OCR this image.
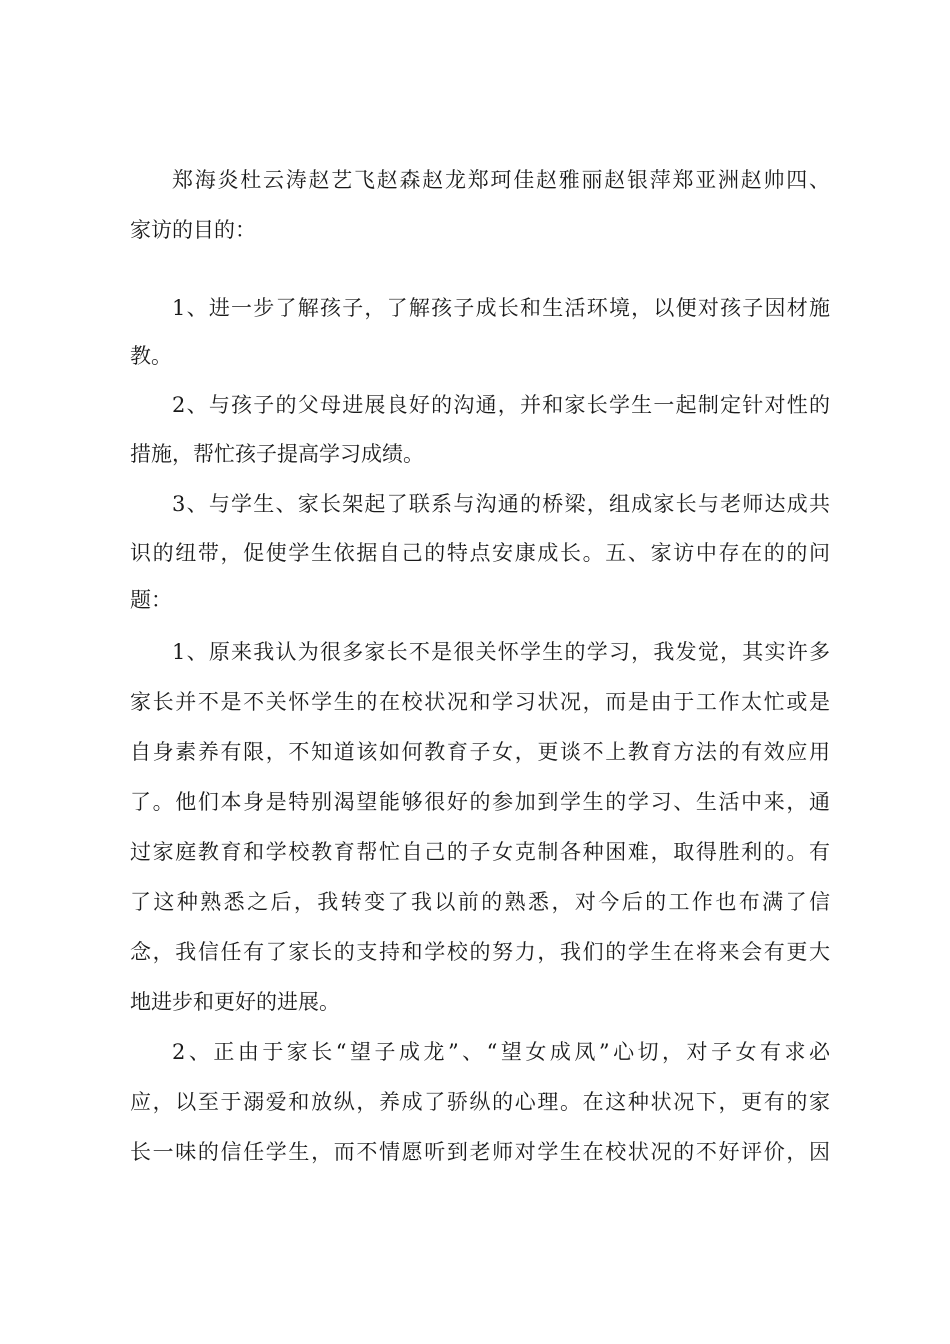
郑海炎杜云涛赵艺飞赵森赵龙郑珂佳赵雅丽赵银萍郑亚洲赵帅四、
家访的目的：
1、进一步了解孩子，了解孩子成长和生活环境，以便对孩子因材施
教。
2、与孩子的父母进展良好的沟通，并和家长学生一起制定针对性的
措施，帮忙孩子提高学习成绩。
3、与学生、家长架起了联系与沟通的桥梁，组成家长与老师达成共
识的纽带，促使学生依据自己的特点安康成长。五、家访中存在的的问
题：
1、原来我认为很多家长不是很关怀学生的学习，我发觉，其实许多
家长并不是不关怀学生的在校状况和学习状况，而是由于工作太忙或是
自身素养有限，不知道该如何教育子女，更谈不上教育方法的有效应用
了。他们本身是特别渴望能够很好的参加到学生的学习、生活中来，通
过家庭教育和学校教育帮忙自己的子女克制各种困难，取得胜利的。有
了这种熟悉之后，我转变了我以前的熟悉，对今后的工作也布满了信
念，我信任有了家长的支持和学校的努力，我们的学生在将来会有更大
地进步和更好的进展。
2、正由于家长“望子成龙”、“望女成凤”心切，对子女有求必
应，以至于溺爱和放纵，养成了骄纵的心理。在这种状况下，更有的家
长一味的信任学生，而不情愿听到老师对学生在校状况的不好评价，因
